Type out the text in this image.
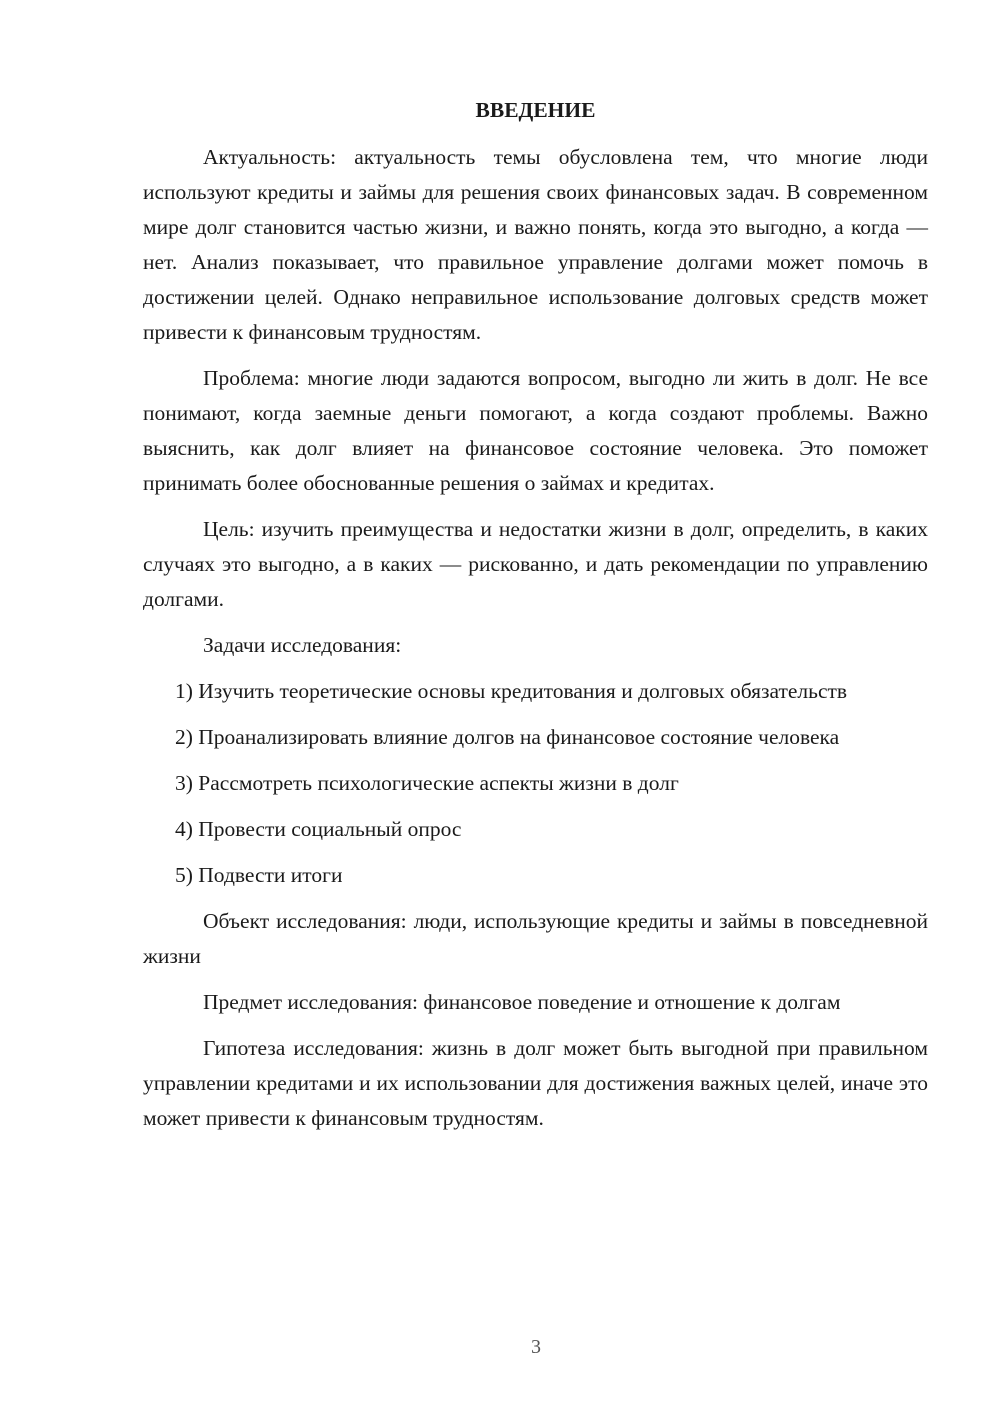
ВВЕДЕНИЕ

Актуальность: актуальность темы обусловлена тем, что многие люди используют кредиты и займы для решения своих финансовых задач. В современном мире долг становится частью жизни, и важно понять, когда это выгодно, а когда — нет. Анализ показывает, что правильное управление долгами может помочь в достижении целей. Однако неправильное использование долговых средств может привести к финансовым трудностям.

Проблема: многие люди задаются вопросом, выгодно ли жить в долг. Не все понимают, когда заемные деньги помогают, а когда создают проблемы. Важно выяснить, как долг влияет на финансовое состояние человека. Это поможет принимать более обоснованные решения о займах и кредитах.

Цель: изучить преимущества и недостатки жизни в долг, определить, в каких случаях это выгодно, а в каких — рискованно, и дать рекомендации по управлению долгами.

Задачи исследования:

1) Изучить теоретические основы кредитования и долговых обязательств

2) Проанализировать влияние долгов на финансовое состояние человека

3) Рассмотреть психологические аспекты жизни в долг

4) Провести социальный опрос

5) Подвести итоги

Объект исследования: люди, использующие кредиты и займы в повседневной жизни

Предмет исследования: финансовое поведение и отношение к долгам

Гипотеза исследования: жизнь в долг может быть выгодной при правильном управлении кредитами и их использовании для достижения важных целей, иначе это может привести к финансовым трудностям.

3
